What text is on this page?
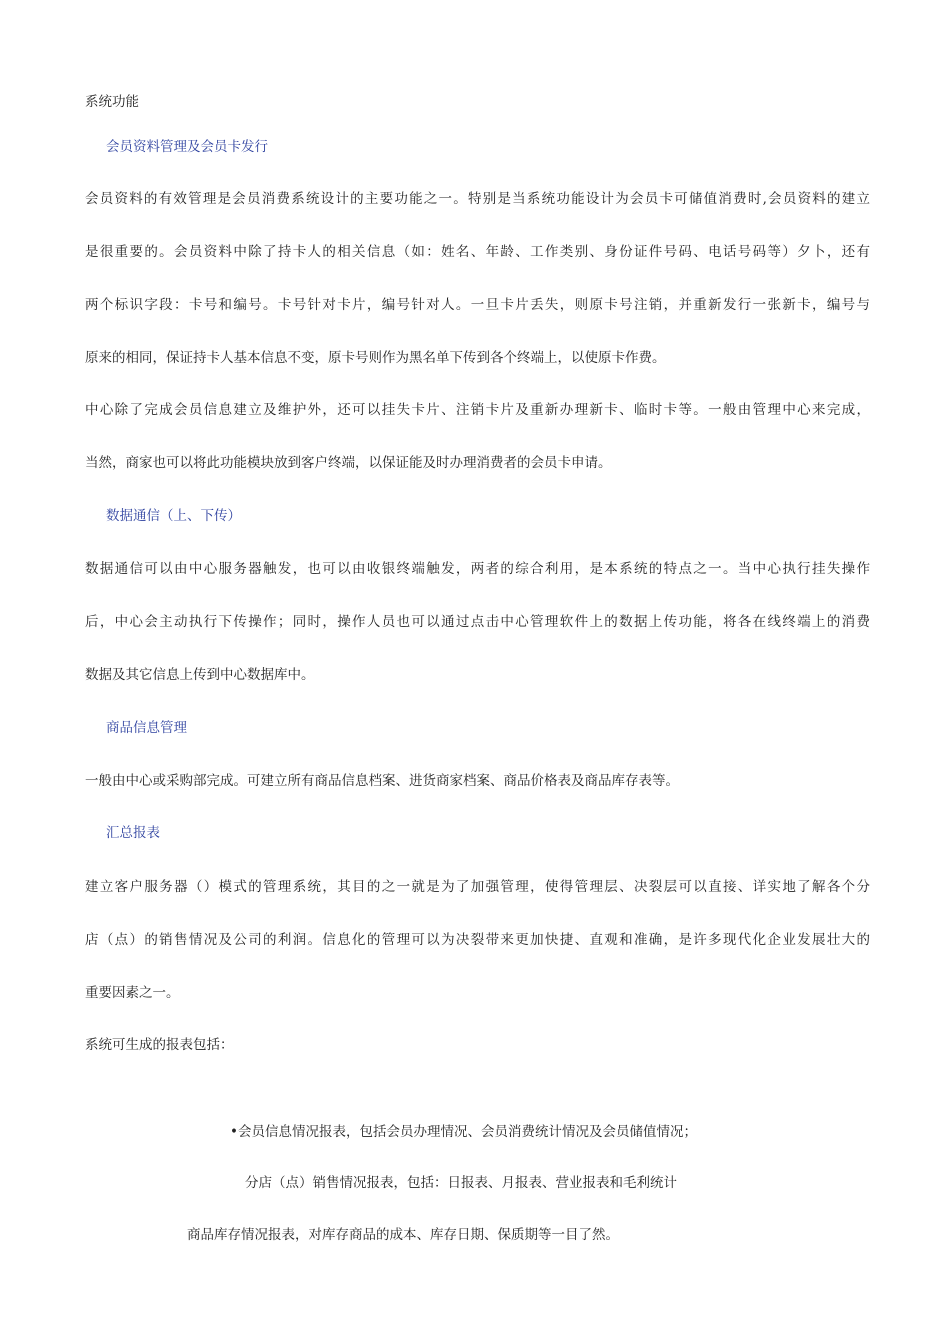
系统功能
会员资料管理及会员卡发行
会员资料的有效管理是会员消费系统设计的主要功能之一。特别是当系统功能设计为会员卡可储值消费时,会员资料的建立
是很重要的。会员资料中除了持卡人的相关信息（如：姓名、年龄、工作类别、身份证件号码、电话号码等）夕卜，还有
两个标识字段：卡号和编号。卡号针对卡片，编号针对人。一旦卡片丢失，则原卡号注销，并重新发行一张新卡，编号与
原来的相同，保证持卡人基本信息不变，原卡号则作为黑名单下传到各个终端上，以使原卡作费。
中心除了完成会员信息建立及维护外，还可以挂失卡片、注销卡片及重新办理新卡、临时卡等。一般由管理中心来完成，
当然，商家也可以将此功能模块放到客户终端，以保证能及时办理消费者的会员卡申请。
数据通信（上、下传）
数据通信可以由中心服务器触发，也可以由收银终端触发，两者的综合利用，是本系统的特点之一。当中心执行挂失操作
后，中心会主动执行下传操作；同时，操作人员也可以通过点击中心管理软件上的数据上传功能，将各在线终端上的消费
数据及其它信息上传到中心数据库中。
商品信息管理
一般由中心或采购部完成。可建立所有商品信息档案、进货商家档案、商品价格表及商品库存表等。
汇总报表
建立客户服务器（）模式的管理系统，其目的之一就是为了加强管理，使得管理层、决裂层可以直接、详实地了解各个分
店（点）的销售情况及公司的利润。信息化的管理可以为决裂带来更加快捷、直观和准确，是许多现代化企业发展壮大的
重要因素之一。
系统可生成的报表包括：
•会员信息情况报表，包括会员办理情况、会员消费统计情况及会员储值情况；
分店（点）销售情况报表，包括：日报表、月报表、营业报表和毛利统计
商品库存情况报表，对库存商品的成本、库存日期、保质期等一目了然。
